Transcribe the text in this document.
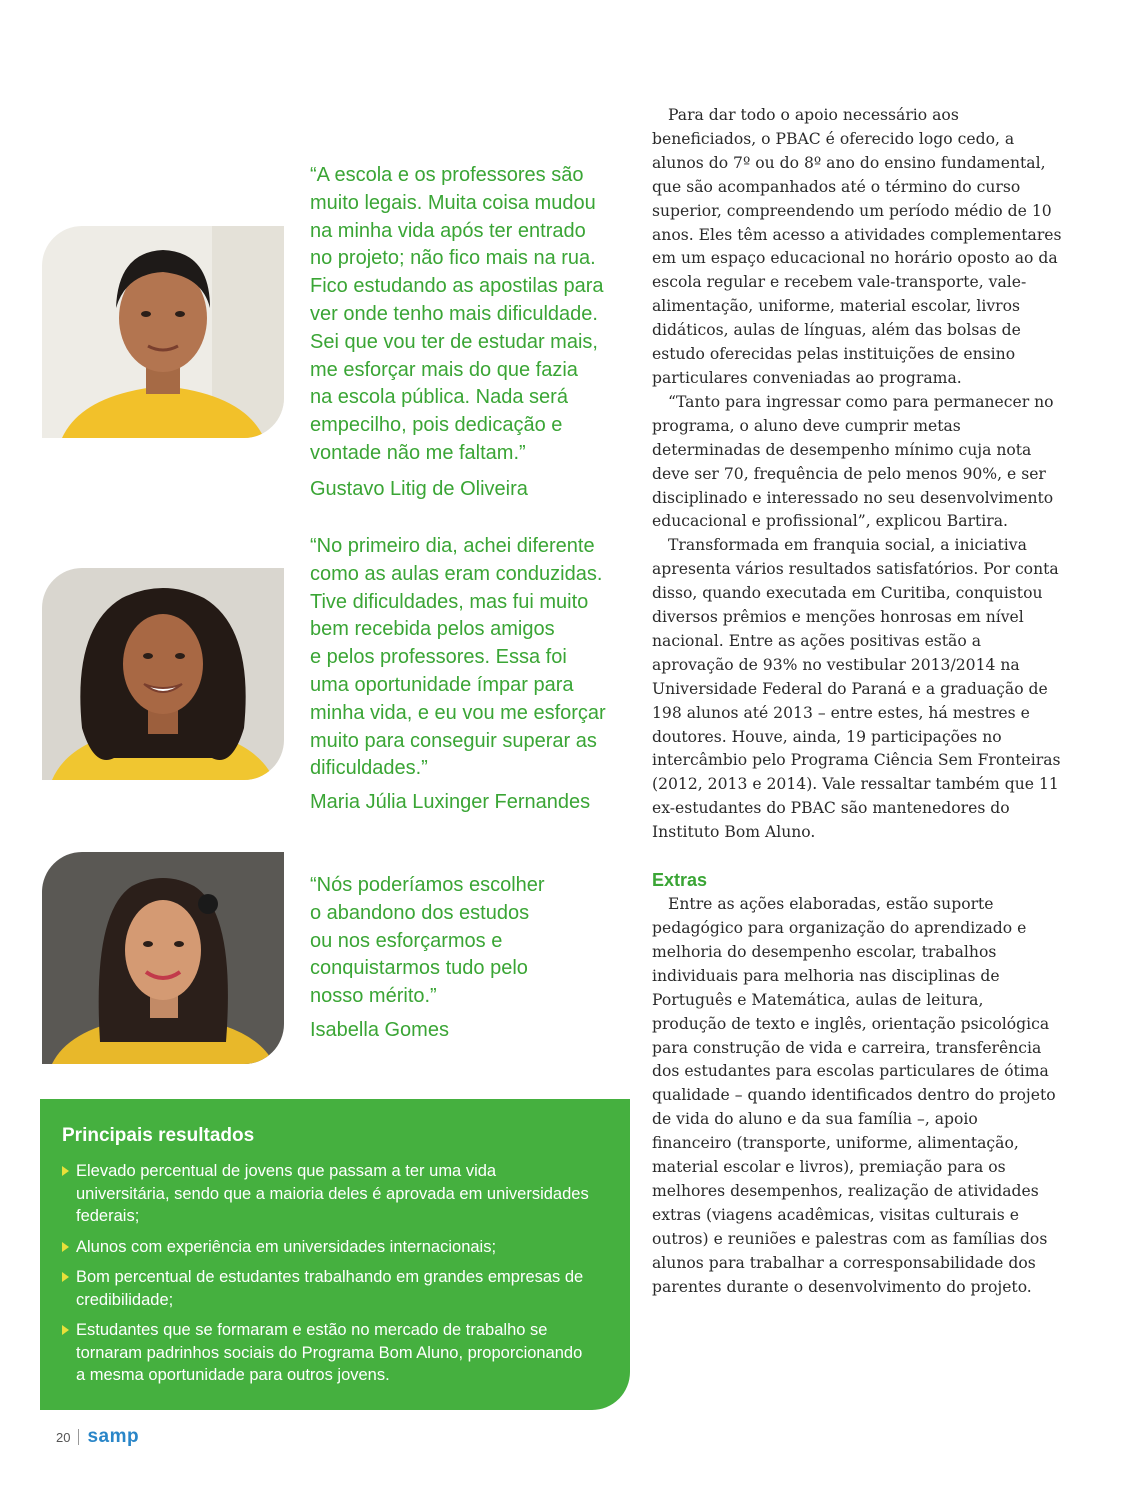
“A escola e os professores são
muito legais. Muita coisa mudou
na minha vida após ter entrado
no projeto; não fico mais na rua.
Fico estudando as apostilas para
ver onde tenho mais dificuldade.
Sei que vou ter de estudar mais,
me esforçar mais do que fazia
na escola pública. Nada será
empecilho, pois dedicação e
vontade não me faltam.”
Gustavo Litig de Oliveira
“No primeiro dia, achei diferente
como as aulas eram conduzidas.
Tive dificuldades, mas fui muito
bem recebida pelos amigos
e pelos professores. Essa foi
uma oportunidade ímpar para
minha vida, e eu vou me esforçar
muito para conseguir superar as
dificuldades.”
Maria Júlia Luxinger Fernandes
“Nós poderíamos escolher
o abandono dos estudos
ou nos esforçarmos e
conquistarmos tudo pelo
nosso mérito.”
Isabella Gomes
Principais resultados
Elevado percentual de jovens que passam a ter uma vida universitária, sendo que a maioria deles é aprovada em universidades federais;
Alunos com experiência em universidades internacionais;
Bom percentual de estudantes trabalhando em grandes empresas de credibilidade;
Estudantes que se formaram e estão no mercado de trabalho se tornaram padrinhos sociais do Programa Bom Aluno, proporcionando a mesma oportunidade para outros jovens.

Para dar todo o apoio necessário aos beneficiados, o PBAC é oferecido logo cedo, a alunos do 7º ou do 8º ano do ensino fundamental, que são acompanhados até o término do curso superior, compreendendo um período médio de 10 anos. Eles têm acesso a atividades complementares em um espaço educacional no horário oposto ao da escola regular e recebem vale-transporte, vale-alimentação, uniforme, material escolar, livros didáticos, aulas de línguas, além das bolsas de estudo oferecidas pelas instituições de ensino particulares conveniadas ao programa.

“Tanto para ingressar como para permanecer no programa, o aluno deve cumprir metas determinadas de desempenho mínimo cuja nota deve ser 70, frequência de pelo menos 90%, e ser disciplinado e interessado no seu desenvolvimento educacional e profissional”, explicou Bartira.

Transformada em franquia social, a iniciativa apresenta vários resultados satisfatórios. Por conta disso, quando executada em Curitiba, conquistou diversos prêmios e menções honrosas em nível nacional. Entre as ações positivas estão a aprovação de 93% no vestibular 2013/2014 na Universidade Federal do Paraná e a graduação de 198 alunos até 2013 – entre estes, há mestres e doutores. Houve, ainda, 19 participações no intercâmbio pelo Programa Ciência Sem Fronteiras (2012, 2013 e 2014). Vale ressaltar também que 11 ex-estudantes do PBAC são mantenedores do Instituto Bom Aluno.

Extras

Entre as ações elaboradas, estão suporte pedagógico para organização do aprendizado e melhoria do desempenho escolar, trabalhos individuais para melhoria nas disciplinas de Português e Matemática, aulas de leitura, produção de texto e inglês, orientação psicológica para construção de vida e carreira, transferência dos estudantes para escolas particulares de ótima qualidade – quando identificados dentro do projeto de vida do aluno e da sua família –, apoio financeiro (transporte, uniforme, alimentação, material escolar e livros), premiação para os melhores desempenhos, realização de atividades extras (viagens acadêmicas, visitas culturais e outros) e reuniões e palestras com as famílias dos alunos para trabalhar a corresponsabilidade dos parentes durante o desenvolvimento do projeto.

20 samp
